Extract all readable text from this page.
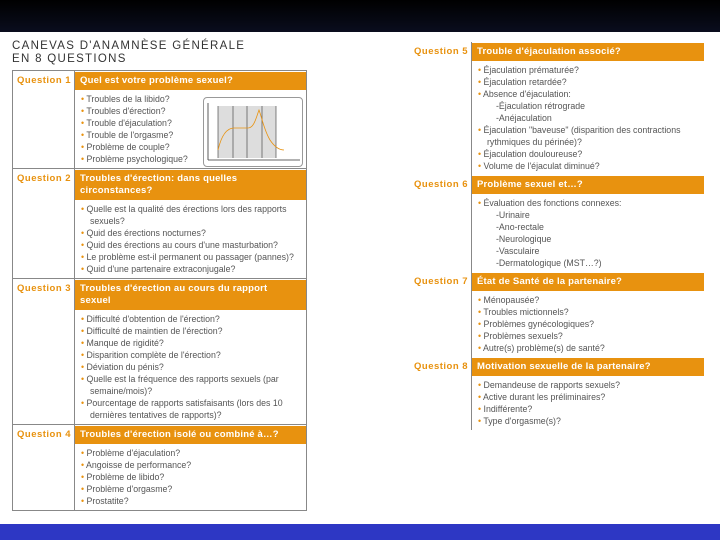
CANEVAS D'ANAMNÈSE GÉNÉRALE
EN 8 QUESTIONS
Question 1 Quel est votre problème sexuel?
• Troubles de la libido?
• Troubles d'érection?
• Trouble d'éjaculation?
• Trouble de l'orgasme?
• Problème de couple?
• Problème psychologique?
Question 2 Troubles d'érection: dans quelles circonstances?
• Quelle est la qualité des érections lors des rapports sexuels?
• Quid des érections nocturnes?
• Quid des érections au cours d'une masturbation?
• Le problème est-il permanent ou passager (pannes)?
• Quid d'une partenaire extraconjugale?
Question 3 Troubles d'érection au cours du rapport sexuel
• Difficulté d'obtention de l'érection?
• Difficulté de maintien de l'érection?
• Manque de rigidité?
• Disparition complète de l'érection?
• Déviation du pénis?
• Quelle est la fréquence des rapports sexuels (par semaine/mois)?
• Pourcentage de rapports satisfaisants (lors des 10 dernières tentatives de rapports)?
Question 4 Troubles d'érection isolé ou combiné à…?
• Problème d'éjaculation?
• Angoisse de performance?
• Problème de libido?
• Problème d'orgasme?
• Prostatite?
Question 5 Trouble d'éjaculation associé?
• Éjaculation prématurée?
• Éjaculation retardée?
• Absence d'éjaculation:
-Éjaculation rétrograde
-Anéjaculation
• Éjaculation "baveuse" (disparition des contractions rythmiques du périnée)?
• Éjaculation douloureuse?
• Volume de l'éjaculat diminué?
Question 6 Problème sexuel et…?
• Évaluation des fonctions connexes:
-Urinaire
-Ano-rectale
-Neurologique
-Vasculaire
-Dermatologique (MST…?)
Question 7 État de Santé de la partenaire?
• Ménopausée?
• Troubles mictionnels?
• Problèmes gynécologiques?
• Problèmes sexuels?
• Autre(s) problème(s) de santé?
Question 8 Motivation sexuelle de la partenaire?
• Demandeuse de rapports sexuels?
• Active durant les préliminaires?
• Indifférente?
• Type d'orgasme(s)?
